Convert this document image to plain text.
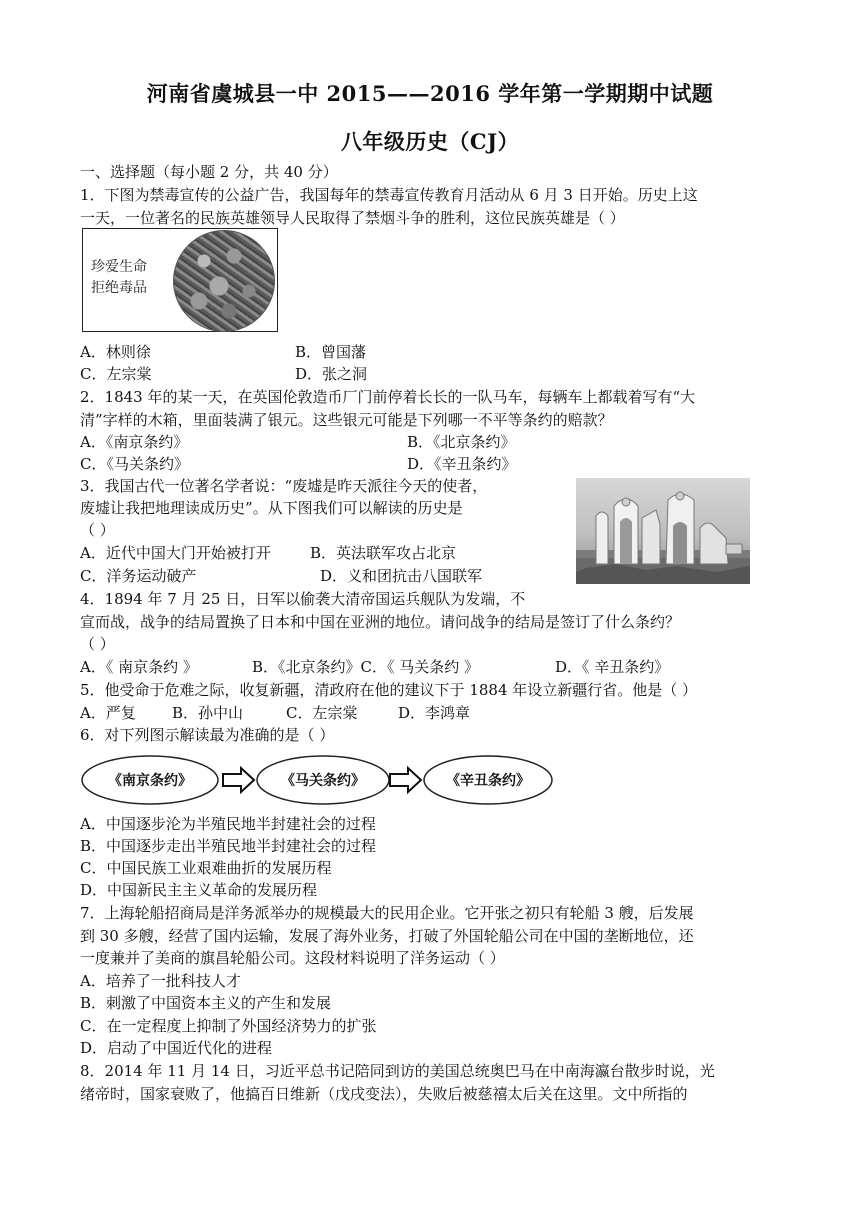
河南省虞城县一中 2015——2016 学年第一学期期中试题
八年级历史（CJ）
一、选择题（每小题 2 分，共 40 分）
1．下图为禁毒宣传的公益广告，我国每年的禁毒宣传教育月活动从 6 月 3 日开始。历史上这
一天，一位著名的民族英雄领导人民取得了禁烟斗争的胜利，这位民族英雄是（ ）
珍爱生命
拒绝毒品
A．林则徐	B．曾国藩
C．左宗棠	D．张之洞
2．1843 年的某一天，在英国伦敦造币厂门前停着长长的一队马车，每辆车上都载着写有“大
清”字样的木箱，里面装满了银元。这些银元可能是下列哪一不平等条约的赔款？
A．《南京条约》	B．《北京条约》
C．《马关条约》	D．《辛丑条约》
3．我国古代一位著名学者说：“废墟是昨天派往今天的使者，
废墟让我把地理读成历史”。从下图我们可以解读的历史是
（ ）
A．近代中国大门开始被打开	B．英法联军攻占北京
C．洋务运动破产	D．义和团抗击八国联军
4．1894 年 7 月 25 日，日军以偷袭大清帝国运兵舰队为发端，不
宣而战，战争的结局置换了日本和中国在亚洲的地位。请问战争的结局是签订了什么条约？
（ ）
A．《 南京条约 》	B．《北京条约》C．《 马关条约 》	D．《 辛丑条约》
5．他受命于危难之际，收复新疆，清政府在他的建议下于 1884 年设立新疆行省。他是（ ）
A．严复 B．孙中山	C．左宗棠	D．李鸿章
6．对下列图示解读最为准确的是（ ）
《南京条约》	《马关条约》	《辛丑条约》
A．中国逐步沦为半殖民地半封建社会的过程
B．中国逐步走出半殖民地半封建社会的过程
C．中国民族工业艰难曲折的发展历程
D．中国新民主主义革命的发展历程
7．上海轮船招商局是洋务派举办的规模最大的民用企业。它开张之初只有轮船 3 艘，后发展
到 30 多艘，经营了国内运输，发展了海外业务，打破了外国轮船公司在中国的垄断地位，还
一度兼并了美商的旗昌轮船公司。这段材料说明了洋务运动（ ）
A．培养了一批科技人才
B．刺激了中国资本主义的产生和发展
C．在一定程度上抑制了外国经济势力的扩张
D．启动了中国近代化的进程
8．2014 年 11 月 14 日，习近平总书记陪同到访的美国总统奥巴马在中南海瀛台散步时说，光
绪帝时，国家衰败了，他搞百日维新（戊戌变法），失败后被慈禧太后关在这里。文中所指的
